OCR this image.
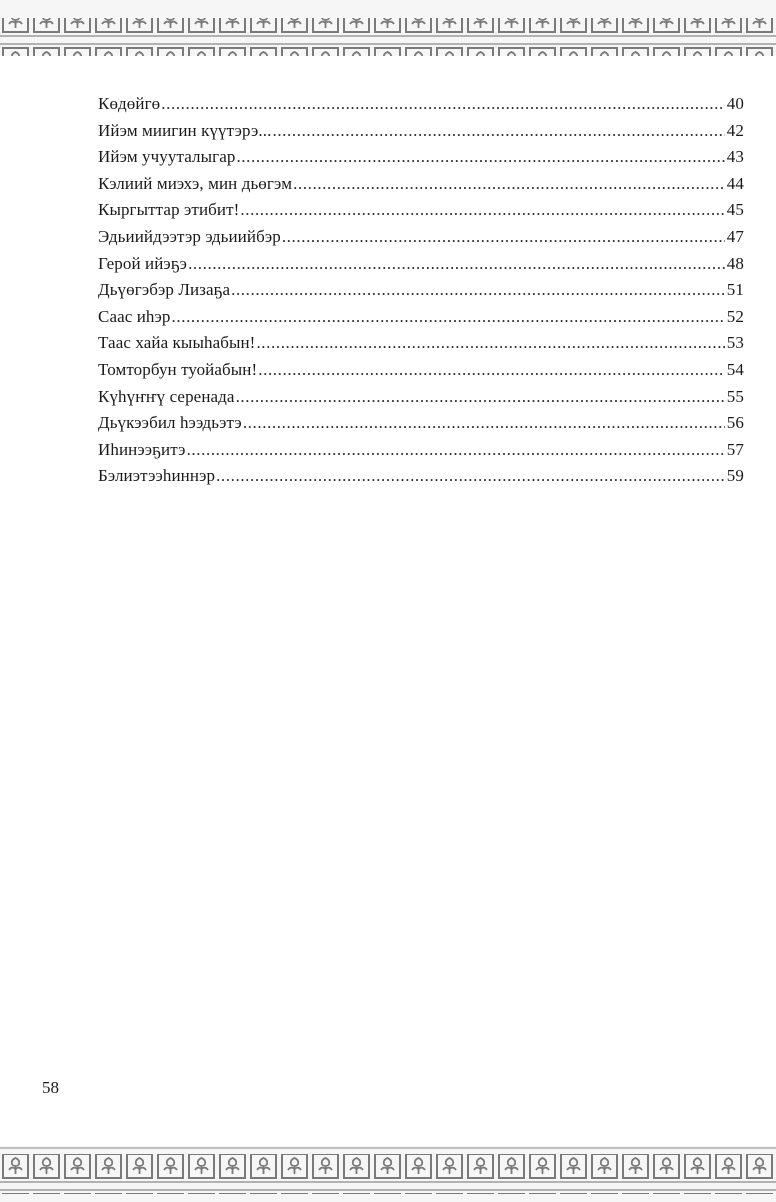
Көдөйгө .....	40
Ийэм миигин күүтэрэ... .....	42
Ийэм учууталыгар .....	43
Кэлиий миэхэ, мин дьөгэм .....	44
Кыргыттар этибит! .....	45
Эдьиийдээтэр эдьиийбэр .....	47
Герой ийэҕэ .....	48
Дьүөгэбэр Лизаҕа .....	51
Саас иһэр .....	52
Таас хайа кыыһабын! .....	53
Томторбун туойабын! .....	54
Күһүҥҥү серенада .....	55
Дьүкээбил һээдьэтэ .....	56
Иһинээҕитэ .....	57
Бэлиэтээһиннэр .....	59
58
